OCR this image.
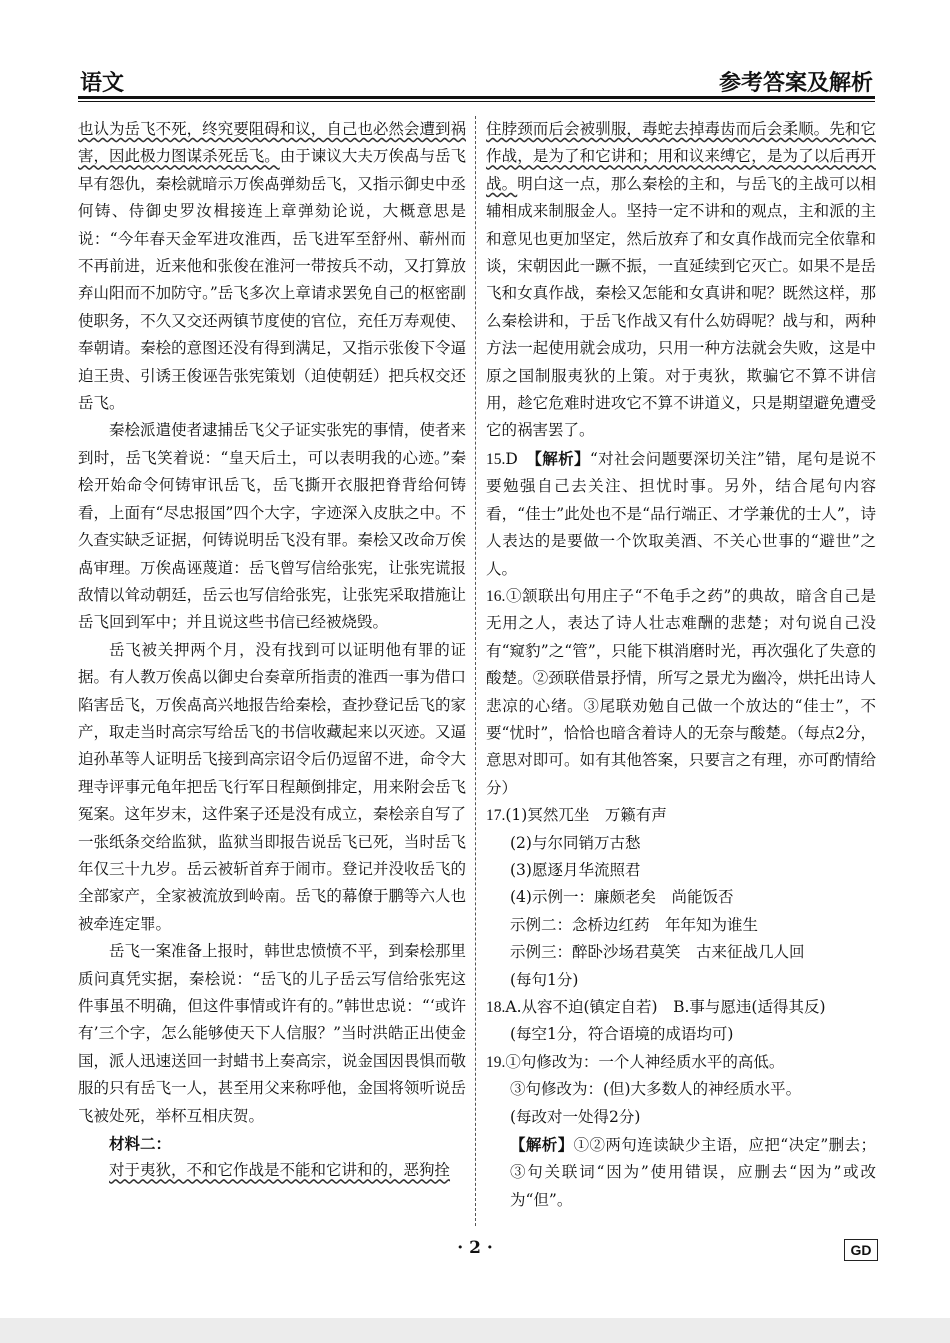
语文	参考答案及解析

也认为岳飞不死，终究要阻碍和议，自己也必然会遭到祸害，因此极力图谋杀死岳飞。由于谏议大夫万俟卨与岳飞早有怨仇，秦桧就暗示万俟卨弹劾岳飞，又指示御史中丞何铸、侍御史罗汝楫接连上章弹劾论说，大概意思是说：“今年春天金军进攻淮西，岳飞进军至舒州、蕲州而不再前进，近来他和张俊在淮河一带按兵不动，又打算放弃山阳而不加防守。”岳飞多次上章请求罢免自己的枢密副使职务，不久又交还两镇节度使的官位，充任万寿观使、奉朝请。秦桧的意图还没有得到满足，又指示张俊下令逼迫王贵、引诱王俊诬告张宪策划（迫使朝廷）把兵权交还岳飞。

秦桧派遣使者逮捕岳飞父子证实张宪的事情，使者来到时，岳飞笑着说：“皇天后土，可以表明我的心迹。”秦桧开始命令何铸审讯岳飞，岳飞撕开衣服把脊背给何铸看，上面有“尽忠报国”四个大字，字迹深入皮肤之中。不久查实缺乏证据，何铸说明岳飞没有罪。秦桧又改命万俟卨审理。万俟卨诬蔑道：岳飞曾写信给张宪，让张宪谎报敌情以耸动朝廷，岳云也写信给张宪，让张宪采取措施让岳飞回到军中；并且说这些书信已经被烧毁。

岳飞被关押两个月，没有找到可以证明他有罪的证据。有人教万俟卨以御史台奏章所指责的淮西一事为借口陷害岳飞，万俟卨高兴地报告给秦桧，查抄登记岳飞的家产，取走当时高宗写给岳飞的书信收藏起来以灭迹。又逼迫孙革等人证明岳飞接到高宗诏令后仍逗留不进，命令大理寺评事元龟年把岳飞行军日程颠倒排定，用来附会岳飞冤案。这年岁末，这件案子还是没有成立，秦桧亲自写了一张纸条交给监狱，监狱当即报告说岳飞已死，当时岳飞年仅三十九岁。岳云被斩首弃于闹市。登记并没收岳飞的全部家产，全家被流放到岭南。岳飞的幕僚于鹏等六人也被牵连定罪。

岳飞一案准备上报时，韩世忠愤愤不平，到秦桧那里质问真凭实据，秦桧说：“岳飞的儿子岳云写信给张宪这件事虽不明确，但这件事情或许有的。”韩世忠说：“‘或许有’三个字，怎么能够使天下人信服？”当时洪皓正出使金国，派人迅速送回一封蜡书上奏高宗，说金国因畏惧而敬服的只有岳飞一人，甚至用父来称呼他，金国将领听说岳飞被处死，举杯互相庆贺。

材料二：

对于夷狄，不和它作战是不能和它讲和的，恶狗拴

住脖颈而后会被驯服，毒蛇去掉毒齿而后会柔顺。先和它作战，是为了和它讲和；用和议来缚它，是为了以后再开战。明白这一点，那么秦桧的主和，与岳飞的主战可以相辅相成来制服金人。坚持一定不讲和的观点，主和派的主和意见也更加坚定，然后放弃了和女真作战而完全依靠和谈，宋朝因此一蹶不振，一直延续到它灭亡。如果不是岳飞和女真作战，秦桧又怎能和女真讲和呢？既然这样，那么秦桧讲和，于岳飞作战又有什么妨碍呢？战与和，两种方法一起使用就会成功，只用一种方法就会失败，这是中原之国制服夷狄的上策。对于夷狄，欺骗它不算不讲信用，趁它危难时进攻它不算不讲道义，只是期望避免遭受它的祸害罢了。

15.D　 【解析】“对社会问题要深切关注”错，尾句是说不要勉强自己去关注、担忧时事。另外，结合尾句内容看，“佳士”此处也不是“品行端正、才学兼优的士人”，诗人表达的是要做一个饮取美酒、不关心世事的“避世”之人。

16.①颔联出句用庄子“不龟手之药”的典故，暗含自己是无用之人，表达了诗人壮志难酬的悲楚；对句说自己没有“窥豹”之“管”，只能下棋消磨时光，再次强化了失意的酸楚。②颈联借景抒情，所写之景尤为幽冷，烘托出诗人悲凉的心绪。③尾联劝勉自己做一个放达的“佳士”，不要“忧时”，恰恰也暗含着诗人的无奈与酸楚。（每点2分，意思对即可。如有其他答案，只要言之有理，亦可酌情给分）

17.(1)冥然兀坐　万籁有声

(2)与尔同销万古愁

(3)愿逐月华流照君

(4)示例一：廉颇老矣　尚能饭否

示例二：念桥边红药　年年知为谁生

示例三：醉卧沙场君莫笑　古来征战几人回

(每句1分)

18.A.从容不迫(镇定自若)　B.事与愿违(适得其反)

(每空1分，符合语境的成语均可)

19.①句修改为：一个人神经质水平的高低。

③句修改为：(但)大多数人的神经质水平。

(每改对一处得2分)

【解析】①②两句连读缺少主语，应把“决定”删去；③句关联词“因为”使用错误，应删去“因为”或改为“但”。

· 2 ·	GD
